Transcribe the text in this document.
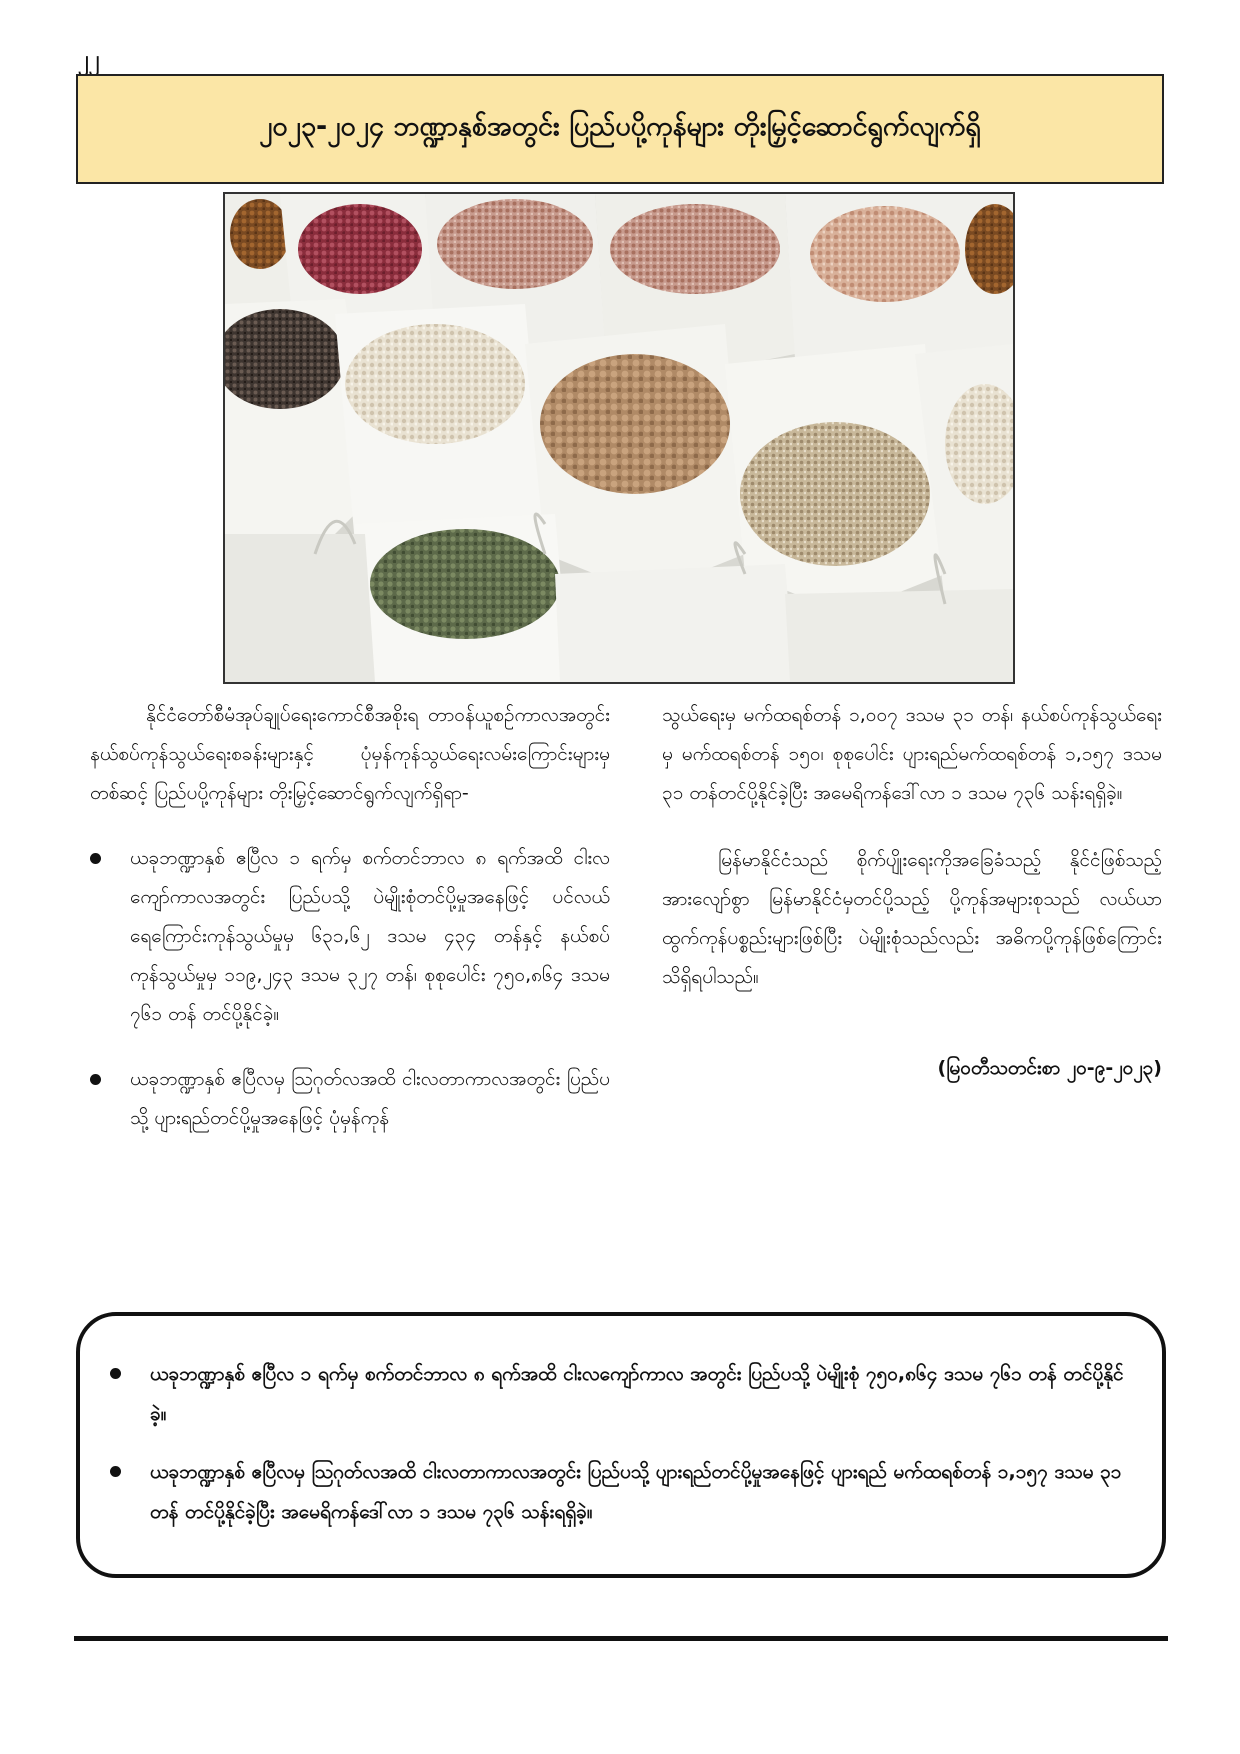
၂၂
၂၀၂၃-၂၀၂၄ ဘဏ္ဍာနှစ်အတွင်း ပြည်ပပို့ကုန်များ တိုးမြှင့်ဆောင်ရွက်လျက်ရှိ

နိုင်ငံတော်စီမံအုပ်ချုပ်ရေးကောင်စီအစိုးရ တာဝန်ယူစဉ်ကာလအတွင်း နယ်စပ်ကုန်သွယ်ရေးစခန်းများနှင့် ပုံမှန်ကုန်သွယ်ရေးလမ်းကြောင်းများမှတစ်ဆင့် ပြည်ပပို့ကုန်များ တိုးမြှင့်ဆောင်ရွက်လျက်ရှိရာ-

ယခုဘဏ္ဍာနှစ် ဧပြီလ ၁ ရက်မှ စက်တင်ဘာလ ၈ ရက်အထိ ငါးလကျော်ကာလအတွင်း ပြည်ပသို့ ပဲမျိုးစုံတင်ပို့မှုအနေဖြင့် ပင်လယ်ရေကြောင်းကုန်သွယ်မှုမှ ၆၃၁,၆၂ ဒသမ ၄၃၄ တန်နှင့် နယ်စပ်ကုန်သွယ်မှုမှ ၁၁၉,၂၄၃ ဒသမ ၃၂၇ တန်၊ စုစုပေါင်း ၇၅၀,၈၆၄ ဒသမ ၇၆၁ တန် တင်ပို့နိုင်ခဲ့။

ယခုဘဏ္ဍာနှစ် ဧပြီလမှ ဩဂုတ်လအထိ ငါးလတာကာလအတွင်း ပြည်ပသို့ ပျားရည်တင်ပို့မှုအနေဖြင့် ပုံမှန်ကုန်

သွယ်ရေးမှ မက်ထရစ်တန် ၁,၀၀၇ ဒသမ ၃၁ တန်၊ နယ်စပ်ကုန်သွယ်ရေးမှ မက်ထရစ်တန် ၁၅၀၊ စုစုပေါင်း ပျားရည်မက်ထရစ်တန် ၁,၁၅၇ ဒသမ ၃၁ တန်တင်ပို့နိုင်ခဲ့ပြီး အမေရိကန်ဒေါ်လာ ၁ ဒသမ ၇၃၆ သန်းရရှိခဲ့။

မြန်မာနိုင်ငံသည် စိုက်ပျိုးရေးကိုအခြေခံသည့် နိုင်ငံဖြစ်သည့်အားလျော်စွာ မြန်မာနိုင်ငံမှတင်ပို့သည့် ပို့ကုန်အများစုသည် လယ်ယာထွက်ကုန်ပစ္စည်းများဖြစ်ပြီး ပဲမျိုးစုံသည်လည်း အဓိကပို့ကုန်ဖြစ်ကြောင်း သိရှိရပါသည်။

(မြဝတီသတင်းစာ ၂၀-၉-၂၀၂၃)

ယခုဘဏ္ဍာနှစ် ဧပြီလ ၁ ရက်မှ စက်တင်ဘာလ ၈ ရက်အထိ ငါးလကျော်ကာလ အတွင်း ပြည်ပသို့ ပဲမျိုးစုံ ၇၅၀,၈၆၄ ဒသမ ၇၆၁ တန် တင်ပို့နိုင်ခဲ့။
ယခုဘဏ္ဍာနှစ် ဧပြီလမှ ဩဂုတ်လအထိ ငါးလတာကာလအတွင်း ပြည်ပသို့ ပျားရည်တင်ပို့မှုအနေဖြင့် ပျားရည် မက်ထရစ်တန် ၁,၁၅၇ ဒသမ ၃၁ တန် တင်ပို့နိုင်ခဲ့ပြီး အမေရိကန်ဒေါ်လာ ၁ ဒသမ ၇၃၆ သန်းရရှိခဲ့။
